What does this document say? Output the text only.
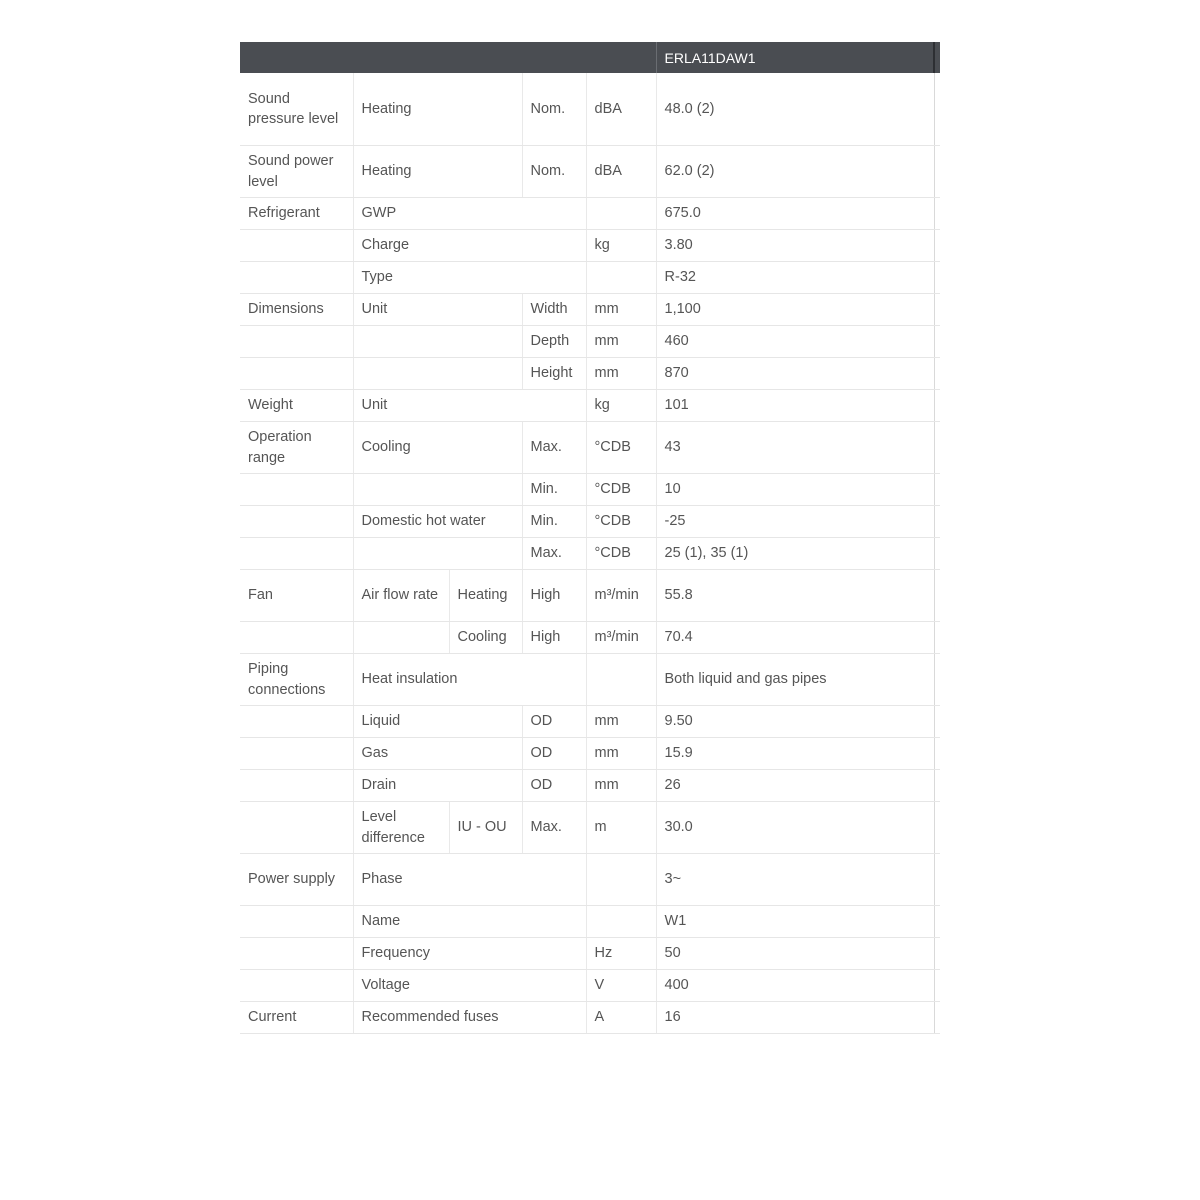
					ERLA11DAW1	
Sound pressure level	Heating		Nom.	dBA	48.0 (2)	
Sound power level	Heating		Nom.	dBA	62.0 (2)	
Refrigerant	GWP				675.0	
	Charge			kg	3.80	
	Type				R-32	
Dimensions	Unit		Width	mm	1,100	
			Depth	mm	460	
			Height	mm	870	
Weight	Unit			kg	101	
Operation range	Cooling		Max.	°CDB	43	
			Min.	°CDB	10	
	Domestic hot water		Min.	°CDB	-25	
			Max.	°CDB	25 (1), 35 (1)	
Fan	Air flow rate	Heating	High	m³/min	55.8	
		Cooling	High	m³/min	70.4	
Piping connections	Heat insulation				Both liquid and gas pipes	
	Liquid		OD	mm	9.50	
	Gas		OD	mm	15.9	
	Drain		OD	mm	26	
	Level difference	IU - OU	Max.	m	30.0	
Power supply	Phase				3~	
	Name				W1	
	Frequency			Hz	50	
	Voltage			V	400	
Current	Recommended fuses			A	16	
